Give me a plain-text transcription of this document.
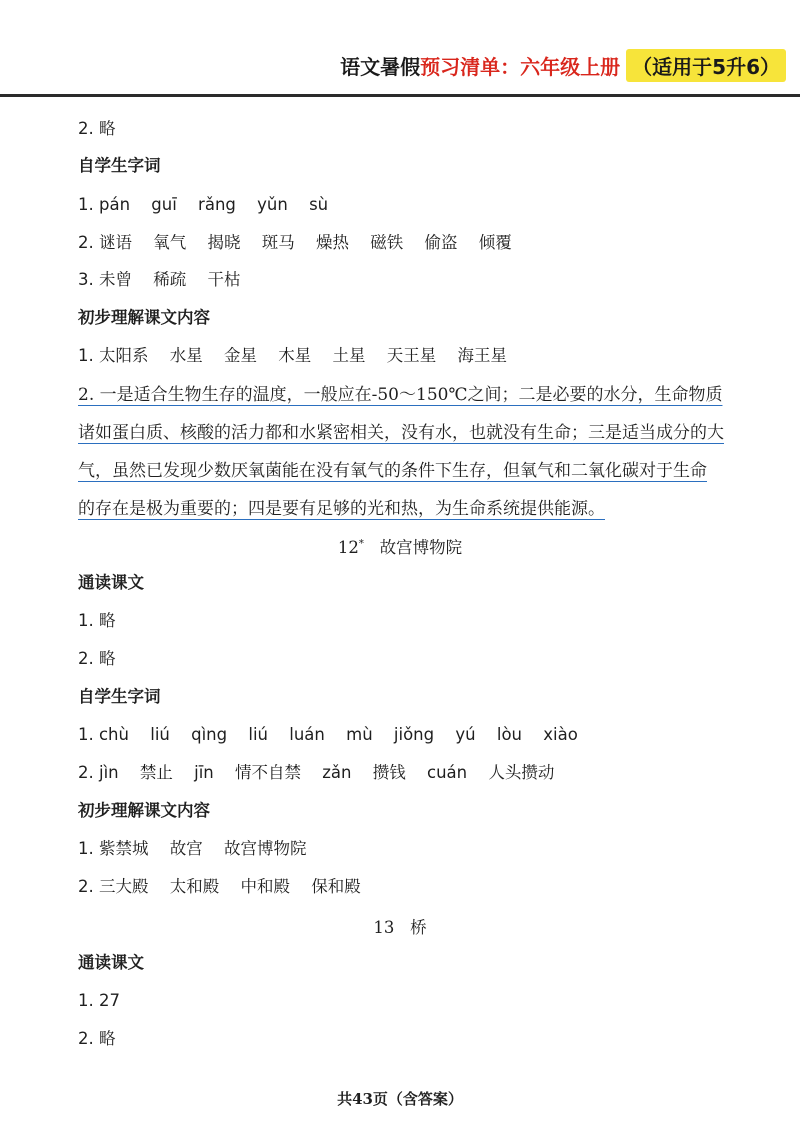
语文暑假 预习清单：六年级上册 （适用于5升6）
2. 略
自学生字词
1. pán guī rǎng yǔn sù
2. 谜语 氧气 揭晓 斑马 燥热 磁铁 偷盗 倾覆
3. 未曾 稀疏 干枯
初步理解课文内容
1. 太阳系 水星 金星 木星 土星 天王星 海王星
2. 一是适合生物生存的温度，一般应在-50～150℃之间；二是必要的水分，生命物质
诸如蛋白质、核酸的活力都和水紧密相关，没有水，也就没有生命；三是适当成分的大
气，虽然已发现少数厌氧菌能在没有氧气的条件下生存，但氧气和二氧化碳对于生命
的存在是极为重要的；四是要有足够的光和热，为生命系统提供能源。
12* 故宫博物院
通读课文
1. 略
2. 略
自学生字词
1. chù liú qìng liú luán mù jiǒng yú lòu xiào
2. jìn 禁止 jīn 情不自禁 zǎn 攒钱 cuán 人头攒动
初步理解课文内容
1. 紫禁城 故宫 故宫博物院
2. 三大殿 太和殿 中和殿 保和殿
13 桥
通读课文
1. 27
2. 略
共43页（含答案）
